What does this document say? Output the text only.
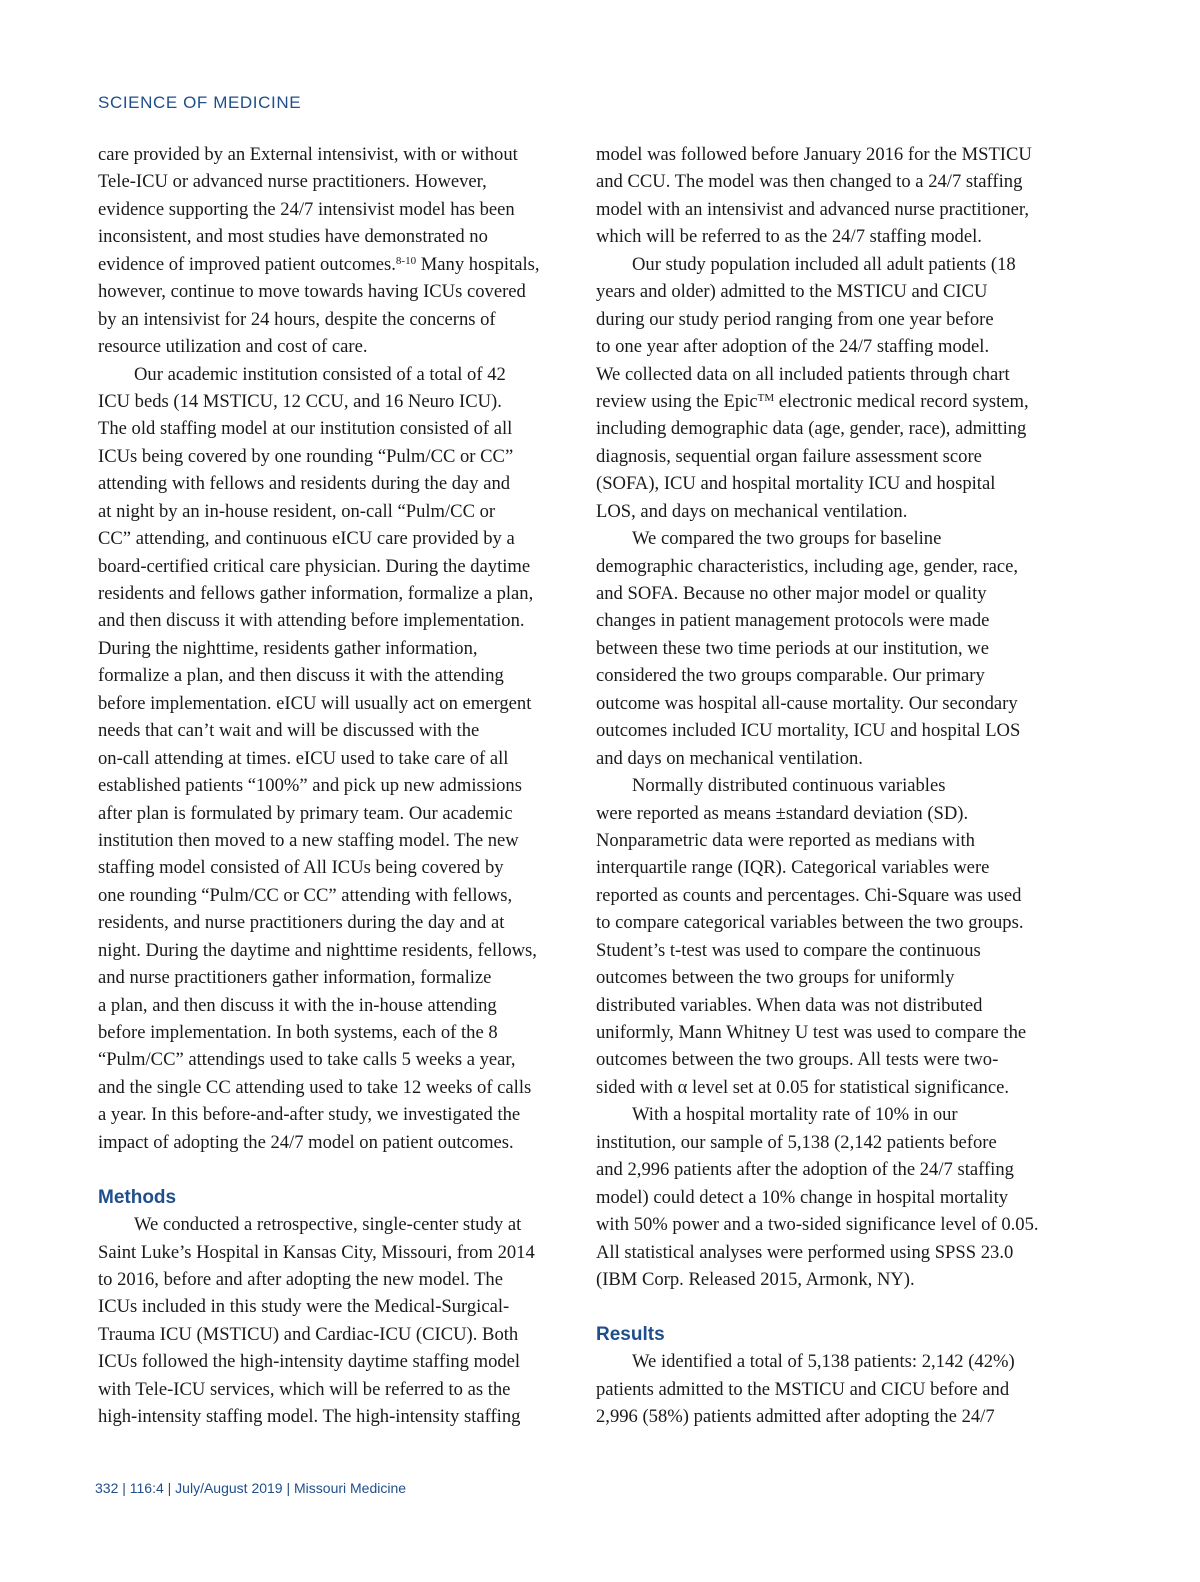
SCIENCE OF MEDICINE
care provided by an External intensivist, with or without
Tele-ICU or advanced nurse practitioners. However,
evidence supporting the 24/7 intensivist model has been
inconsistent, and most studies have demonstrated no
evidence of improved patient outcomes.$^{8-10}$ Many hospitals,
however, continue to move towards having ICUs covered
by an intensivist for 24 hours, despite the concerns of
resource utilization and cost of care.
Our academic institution consisted of a total of 42
ICU beds (14 MSTICU, 12 CCU, and 16 Neuro ICU).
The old staffing model at our institution consisted of all
ICUs being covered by one rounding “Pulm/CC or CC”
attending with fellows and residents during the day and
at night by an in-house resident, on-call “Pulm/CC or
CC” attending, and continuous eICU care provided by a
board-certified critical care physician. During the daytime
residents and fellows gather information, formalize a plan,
and then discuss it with attending before implementation.
During the nighttime, residents gather information,
formalize a plan, and then discuss it with the attending
before implementation. eICU will usually act on emergent
needs that can’t wait and will be discussed with the
on-call attending at times. eICU used to take care of all
established patients “100%” and pick up new admissions
after plan is formulated by primary team. Our academic
institution then moved to a new staffing model. The new
staffing model consisted of All ICUs being covered by
one rounding “Pulm/CC or CC” attending with fellows,
residents, and nurse practitioners during the day and at
night. During the daytime and nighttime residents, fellows,
and nurse practitioners gather information, formalize
a plan, and then discuss it with the in-house attending
before implementation. In both systems, each of the 8
“Pulm/CC” attendings used to take calls 5 weeks a year,
and the single CC attending used to take 12 weeks of calls
a year. In this before-and-after study, we investigated the
impact of adopting the 24/7 model on patient outcomes.
Methods
We conducted a retrospective, single-center study at
Saint Luke’s Hospital in Kansas City, Missouri, from 2014
to 2016, before and after adopting the new model. The
ICUs included in this study were the Medical-Surgical-
Trauma ICU (MSTICU) and Cardiac-ICU (CICU). Both
ICUs followed the high-intensity daytime staffing model
with Tele-ICU services, which will be referred to as the
high-intensity staffing model. The high-intensity staffing
model was followed before January 2016 for the MSTICU
and CCU. The model was then changed to a 24/7 staffing
model with an intensivist and advanced nurse practitioner,
which will be referred to as the 24/7 staffing model.
Our study population included all adult patients (18
years and older) admitted to the MSTICU and CICU
during our study period ranging from one year before
to one year after adoption of the 24/7 staffing model.
We collected data on all included patients through chart
review using the Epic™ electronic medical record system,
including demographic data (age, gender, race), admitting
diagnosis, sequential organ failure assessment score
(SOFA), ICU and hospital mortality ICU and hospital
LOS, and days on mechanical ventilation.
We compared the two groups for baseline
demographic characteristics, including age, gender, race,
and SOFA. Because no other major model or quality
changes in patient management protocols were made
between these two time periods at our institution, we
considered the two groups comparable. Our primary
outcome was hospital all-cause mortality. Our secondary
outcomes included ICU mortality, ICU and hospital LOS
and days on mechanical ventilation.
Normally distributed continuous variables
were reported as means ±standard deviation (SD).
Nonparametric data were reported as medians with
interquartile range (IQR). Categorical variables were
reported as counts and percentages. Chi-Square was used
to compare categorical variables between the two groups.
Student’s t-test was used to compare the continuous
outcomes between the two groups for uniformly
distributed variables. When data was not distributed
uniformly, Mann Whitney U test was used to compare the
outcomes between the two groups. All tests were two-
sided with α level set at 0.05 for statistical significance.
With a hospital mortality rate of 10% in our
institution, our sample of 5,138 (2,142 patients before
and 2,996 patients after the adoption of the 24/7 staffing
model) could detect a 10% change in hospital mortality
with 50% power and a two-sided significance level of 0.05.
All statistical analyses were performed using SPSS 23.0
(IBM Corp. Released 2015, Armonk, NY).
Results
We identified a total of 5,138 patients: 2,142 (42%)
patients admitted to the MSTICU and CICU before and
2,996 (58%) patients admitted after adopting the 24/7
332 | 116:4 | July/August 2019 | Missouri Medicine
